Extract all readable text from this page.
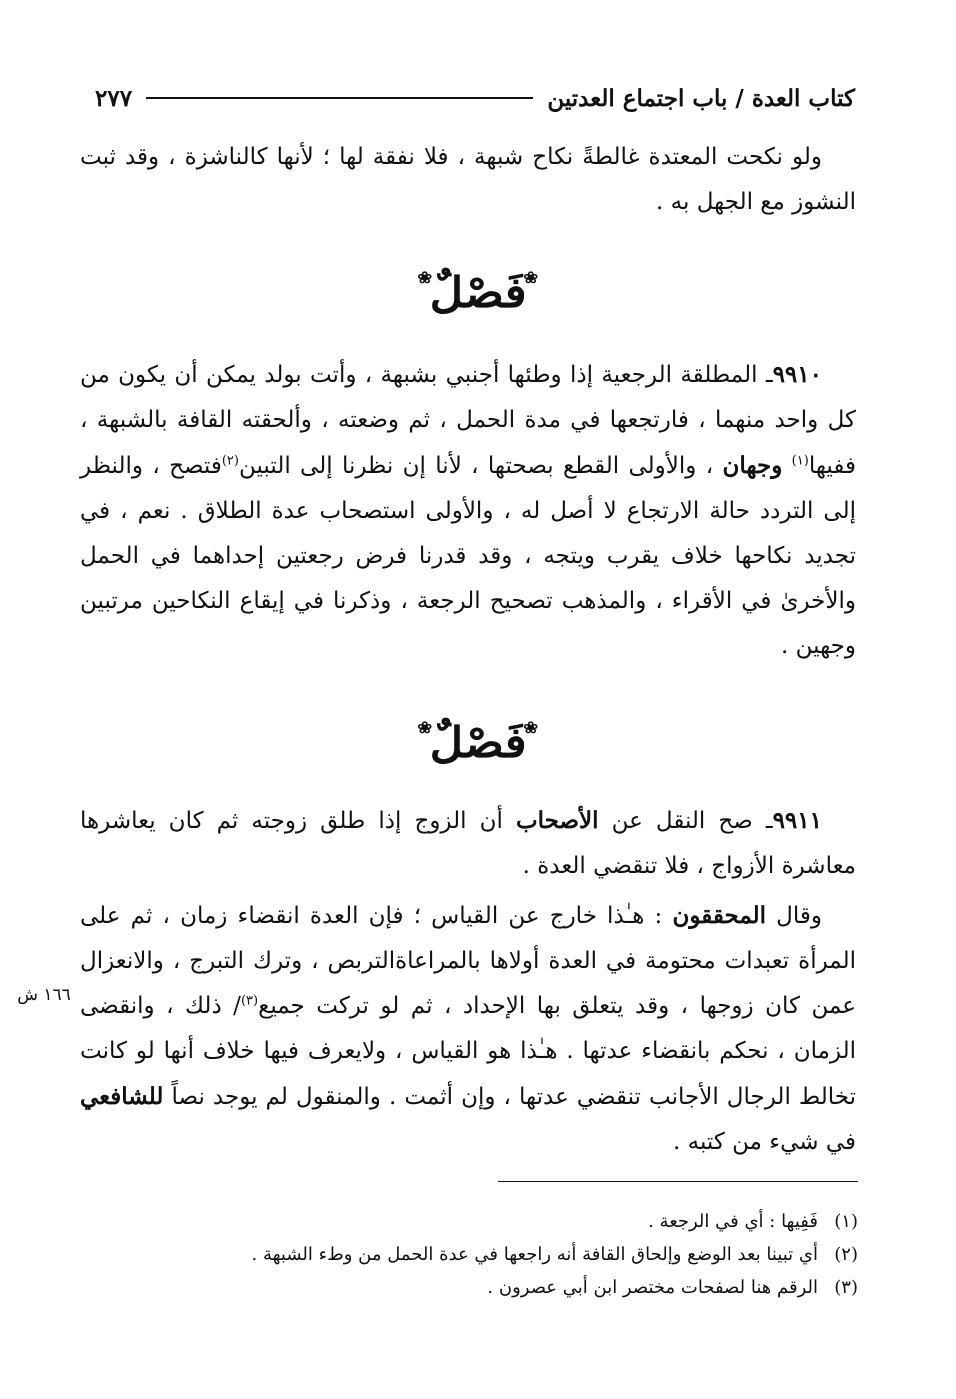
كتاب العدة / باب اجتماع العدتين
٢٧٧

ولو نكحت المعتدة غالطةً نكاح شبهة ، فلا نفقة لها ؛ لأنها كالناشزة ، وقد ثبت النشوز مع الجهل به .

❀فَصْلٌ❀

٩٩١٠ـ المطلقة الرجعية إذا وطئها أجنبي بشبهة ، وأتت بولد يمكن أن يكون من كل واحد منهما ، فارتجعها في مدة الحمل ، ثم وضعته ، وألحقته القافة بالشبهة ، ففيها$^{(١)}$ وجهان ، والأولى القطع بصحتها ، لأنا إن نظرنا إلى التبين$^{(٢)}$فتصح ، والنظر إلى التردد حالة الارتجاع لا أصل له ، والأولى استصحاب عدة الطلاق . نعم ، في تجديد نكاحها خلاف يقرب ويتجه ، وقد قدرنا فرض رجعتين إحداهما في الحمل والأخرىٰ في الأقراء ، والمذهب تصحيح الرجعة ، وذكرنا في إيقاع النكاحين مرتبين وجهين .

❀فَصْلٌ❀

٩٩١١ـ صح النقل عن الأصحاب أن الزوج إذا طلق زوجته ثم كان يعاشرها معاشرة الأزواج ، فلا تنقضي العدة .

وقال المحققون : هـٰذا خارج عن القياس ؛ فإن العدة انقضاء زمان ، ثم على المرأة تعبدات محتومة في العدة أولاها بالمراعاةالتربص ، وترك التبرج ، والانعزال عمن كان زوجها ، وقد يتعلق بها الإحداد ، ثم لو تركت جميع$^{(٣)}$/ ذلك ، وانقضى الزمان ، نحكم بانقضاء عدتها . هـٰذا هو القياس ، ولايعرف فيها خلاف أنها لو كانت تخالط الرجال الأجانب تنقضي عدتها ، وإن أثمت . والمنقول لم يوجد نصاً للشافعي في شيء من كتبه .

١٦٦ ش
(١)
فَفِيها : أي في الرجعة .
(٢)
أي تبينا بعد الوضع وإلحاق القافة أنه راجعها في عدة الحمل من وطء الشبهة .
(٣)
الرقم هنا لصفحات مختصر ابن أبي عصرون .
